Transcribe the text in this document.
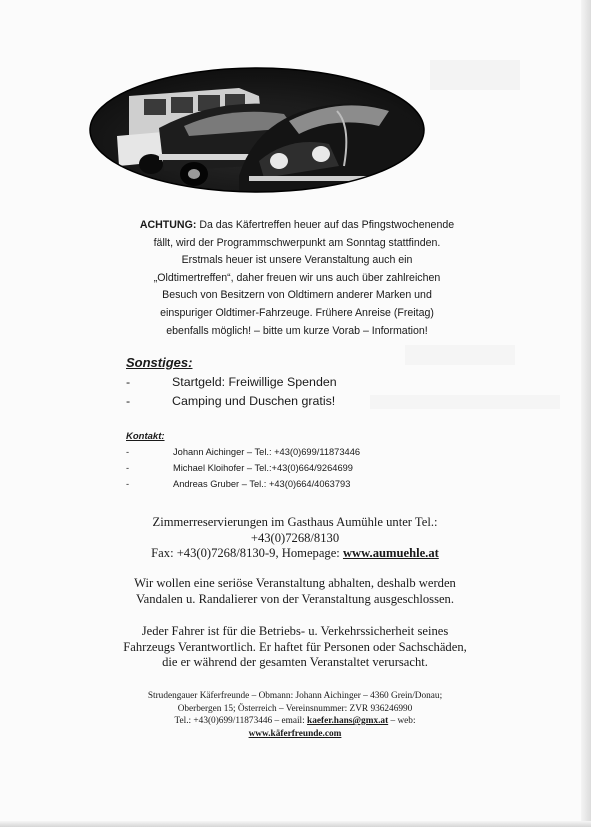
ACHTUNG: Da das Käfertreffen heuer auf das Pfingstwochenende
fällt, wird der Programmschwerpunkt am Sonntag stattfinden.
Erstmals heuer ist unsere Veranstaltung auch ein
„Oldtimertreffen“, daher freuen wir uns auch über zahlreichen
Besuch von Besitzern von Oldtimern anderer Marken und
einspuriger Oldtimer-Fahrzeuge. Frühere Anreise (Freitag)
ebenfalls möglich! – bitte um kurze Vorab – Information!
Sonstiges:
-	Startgeld: Freiwillige Spenden
-	Camping und Duschen gratis!
Kontakt:
-	Johann Aichinger – Tel.: +43(0)699/11873446
-	Michael Kloihofer – Tel.:+43(0)664/9264699
-	Andreas Gruber – Tel.: +43(0)664/4063793
Zimmerreservierungen im Gasthaus Aumühle unter Tel.:
+43(0)7268/8130
Fax: +43(0)7268/8130-9, Homepage: www.aumuehle.at
Wir wollen eine seriöse Veranstaltung abhalten, deshalb werden
Vandalen u. Randalierer von der Veranstaltung ausgeschlossen.
Jeder Fahrer ist für die Betriebs- u. Verkehrssicherheit seines
Fahrzeugs Verantwortlich. Er haftet für Personen oder Sachschäden,
die er während der gesamten Veranstaltet verursacht.
Strudengauer Käferfreunde – Obmann: Johann Aichinger – 4360 Grein/Donau;
Oberbergen 15; Österreich – Vereinsnummer: ZVR 936246990
Tel.: +43(0)699/11873446 – email: kaefer.hans@gmx.at – web:
www.käferfreunde.com
